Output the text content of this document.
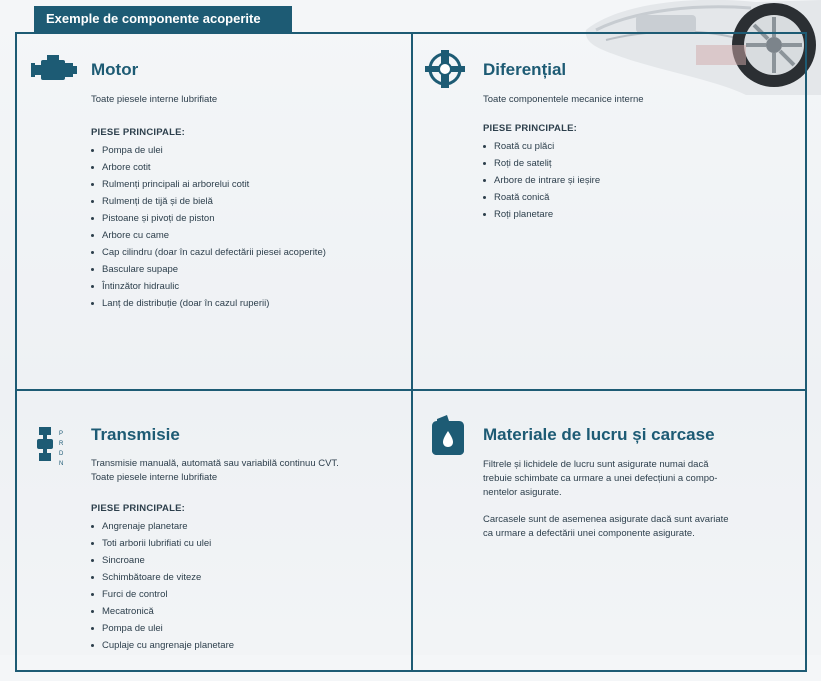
Exemple de componente acoperite
Motor

Toate piesele interne lubrifiate

PIESE PRINCIPALE:
Pompa de ulei
Arbore cotit
Rulmenți principali ai arborelui cotit
Rulmenți de tijă și de bielă
Pistoane și pivoți de piston
Arbore cu came
Cap cilindru (doar în cazul defectării piesei acoperite)
Basculare supape
Întinzător hidraulic
Lanț de distribuție (doar în cazul ruperii)
Diferențial

Toate componentele mecanice interne

PIESE PRINCIPALE:
Roată cu plăci
Roți de sateliț
Arbore de intrare și ieșire
Roată conică
Roți planetare
P
R
D
N
Transmisie

Transmisie manuală, automată sau variabilă continuu CVT.

Toate piesele interne lubrifiate

PIESE PRINCIPALE:
Angrenaje planetare
Toti arborii lubrifiati cu ulei
Sincroane
Schimbătoare de viteze
Furci de control
Mecatronică
Pompa de ulei
Cuplaje cu angrenaje planetare
Materiale de lucru și carcase

Filtrele și lichidele de lucru sunt asigurate numai dacă

trebuie schimbate ca urmare a unei defecțiuni a compo-

nentelor asigurate.

Carcasele sunt de asemenea asigurate dacă sunt avariate

ca urmare a defectării unei componente asigurate.
